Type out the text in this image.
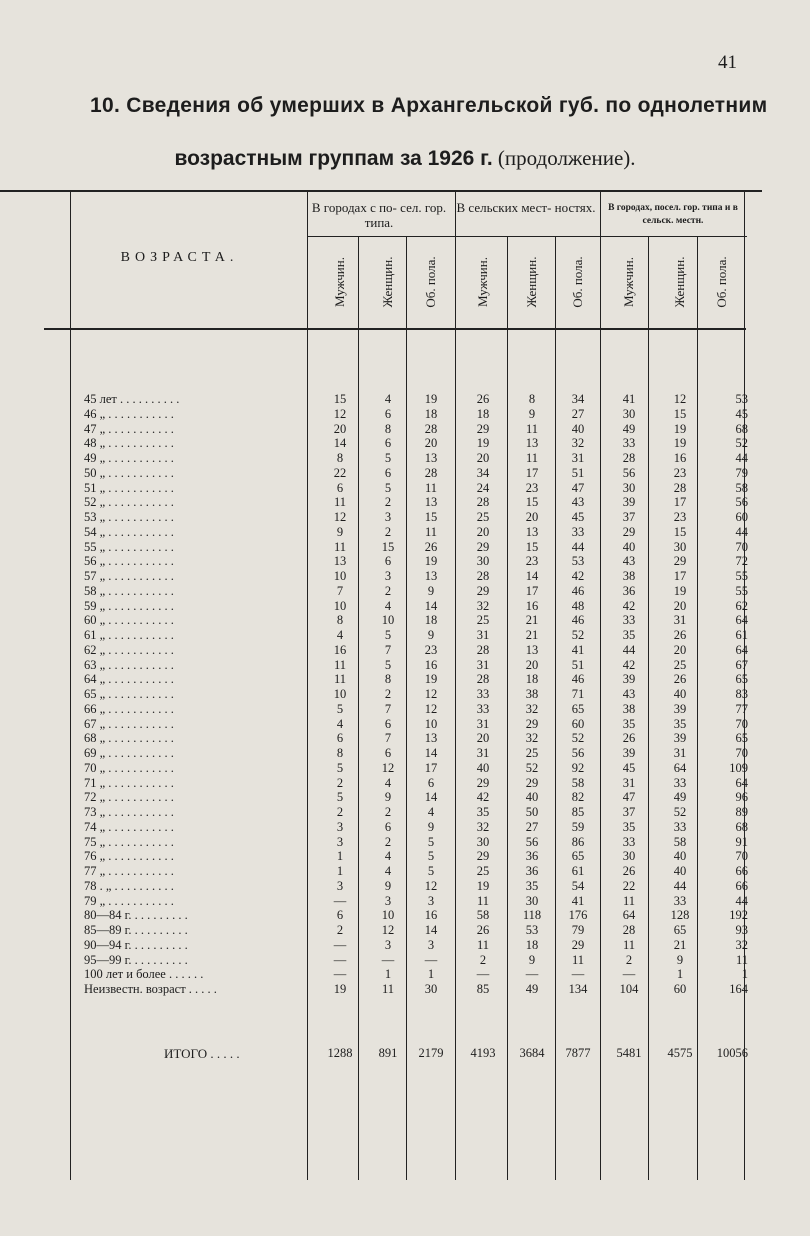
41
10. Сведения об умерших в Архангельской губ. по однолетним
возрастным группам за 1926 г. (продолжение).
ВОЗРАСТА.
В городах с по- сел. гор. типа.
В сельских мест- ностях.	В городах, посел. гор. типа и в сельск. местн.
Мужчин.	Женщин. Об. пола.	Мужчин.	Женщин. Об. пола.	Мужчин.	Женщин. Об. пола.
45 лет . . . . . . . . . .	15	4	19	26	8	34	41	12	53
46 „ . . . . . . . . . . .	12	6	18	18	9	27	30	15	45
47 „ . . . . . . . . . . .	20	8	28	29	11	40	49	19	68
48 „ . . . . . . . . . . .	14	6	20	19	13	32	33	19	52
49 „ . . . . . . . . . . .	8	5	13	20	11	31	28	16	44
50 „ . . . . . . . . . . .	22	6	28	34	17	51	56	23	79
51 „ . . . . . . . . . . .	6	5	11	24	23	47	30	28	58
52 „ . . . . . . . . . . .	11	2	13	28	15	43	39	17	56
53 „ . . . . . . . . . . .	12	3	15	25	20	45	37	23	60
54 „ . . . . . . . . . . .	9	2	11	20	13	33	29	15	44
55 „ . . . . . . . . . . .	11	15	26	29	15	44	40	30	70
56 „ . . . . . . . . . . .	13	6	19	30	23	53	43	29	72
57 „ . . . . . . . . . . .	10	3	13	28	14	42	38	17	55
58 „ . . . . . . . . . . .	7	2	9	29	17	46	36	19	55
59 „ . . . . . . . . . . .	10	4	14	32	16	48	42	20	62
60 „ . . . . . . . . . . .	8	10	18	25	21	46	33	31	64
61 „ . . . . . . . . . . .	4	5	9	31	21	52	35	26	61
62 „ . . . . . . . . . . .	16	7	23	28	13	41	44	20	64
63 „ . . . . . . . . . . .	11	5	16	31	20	51	42	25	67
64 „ . . . . . . . . . . .	11	8	19	28	18	46	39	26	65
65 „ . . . . . . . . . . .	10	2	12	33	38	71	43	40	83
66 „ . . . . . . . . . . .	5	7	12	33	32	65	38	39	77
67 „ . . . . . . . . . . .	4	6	10	31	29	60	35	35	70
68 „ . . . . . . . . . . .	6	7	13	20	32	52	26	39	65
69 „ . . . . . . . . . . .	8	6	14	31	25	56	39	31	70
70 „ . . . . . . . . . . .	5	12	17	40	52	92	45	64	109
71 „ . . . . . . . . . . .	2	4	6	29	29	58	31	33	64
72 „ . . . . . . . . . . .	5	9	14	42	40	82	47	49	96
73 „ . . . . . . . . . . .	2	2	4	35	50	85	37	52	89
74 „ . . . . . . . . . . .	3	6	9	32	27	59	35	33	68
75 „ . . . . . . . . . . .	3	2	5	30	56	86	33	58	91
76 „ . . . . . . . . . . .	1	4	5	29	36	65	30	40	70
77 „ . . . . . . . . . . .	1	4	5	25	36	61	26	40	66
78 . „ . . . . . . . . . .	3	9	12	19	35	54	22	44	66
79 „ . . . . . . . . . . .	—	3	3	11	30	41	11	33	44
80—84 г. . . . . . . . . .	6	10	16	58	118	176	64	128	192
85—89 г. . . . . . . . . .	2	12	14	26	53	79	28	65	93
90—94 г. . . . . . . . . .	—	3	3	11	18	29	11	21	32
95—99 г. . . . . . . . . .	—	—	—	2	9	11	2	9	11
100 лет и более . . . . . .	—	1	1	—	—	—	—	1	1
Неизвестн. возраст . . . . .	19	11	30	85	49	134	104	60	164
ИТОГО . . . . .	1288	891	2179	4193	3684	7877	5481	4575	10056
